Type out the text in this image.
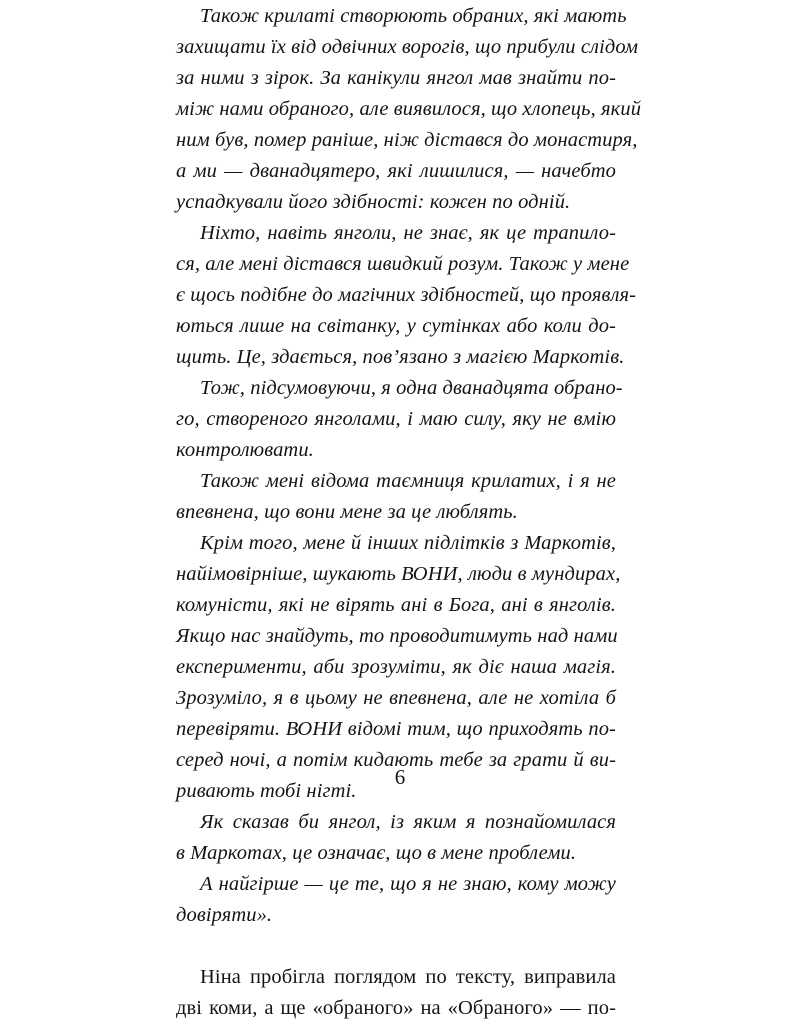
Також крилаті створюють обраних, які мають
захищати їх від одвічних ворогів, що прибули слідом
за ними з зірок. За канікули янгол мав знайти по-
між нами обраного, але виявилося, що хлопець, який
ним був, помер раніше, ніж дістався до монастиря,
а ми — дванадцятеро, які лишилися, — начебто
успадкували його здібності: кожен по одній.
Ніхто, навіть янголи, не знає, як це трапило-
ся, але мені дістався швидкий розум. Також у мене
є щось подібне до магічних здібностей, що проявля-
ються лише на світанку, у сутінках або коли до-
щить. Це, здається, пов’язано з магією Маркотів.
Тож, підсумовуючи, я одна дванадцята обрано-
го, створеного янголами, і маю силу, яку не вмію
контролювати.
Також мені відома таємниця крилатих, і я не
впевнена, що вони мене за це люблять.
Крім того, мене й інших підлітків з Маркотів,
найімовірніше, шукають ВОНИ, люди в мундирах,
комуністи, які не вірять ані в Бога, ані в янголів.
Якщо нас знайдуть, то проводитимуть над нами
експерименти, аби зрозуміти, як діє наша магія.
Зрозуміло, я в цьому не впевнена, але не хотіла б
перевіряти. ВОНИ відомі тим, що приходять по-
серед ночі, а потім кидають тебе за грати й ви-
ривають тобі нігті.
Як сказав би янгол, із яким я познайомилася
в Маркотах, це означає, що в мене проблеми.
А найгірше — це те, що я не знаю, кому можу
довіряти».
Ніна пробігла поглядом по тексту, виправила
дві коми, а ще «обраного» на «Обраного» — по-
6
